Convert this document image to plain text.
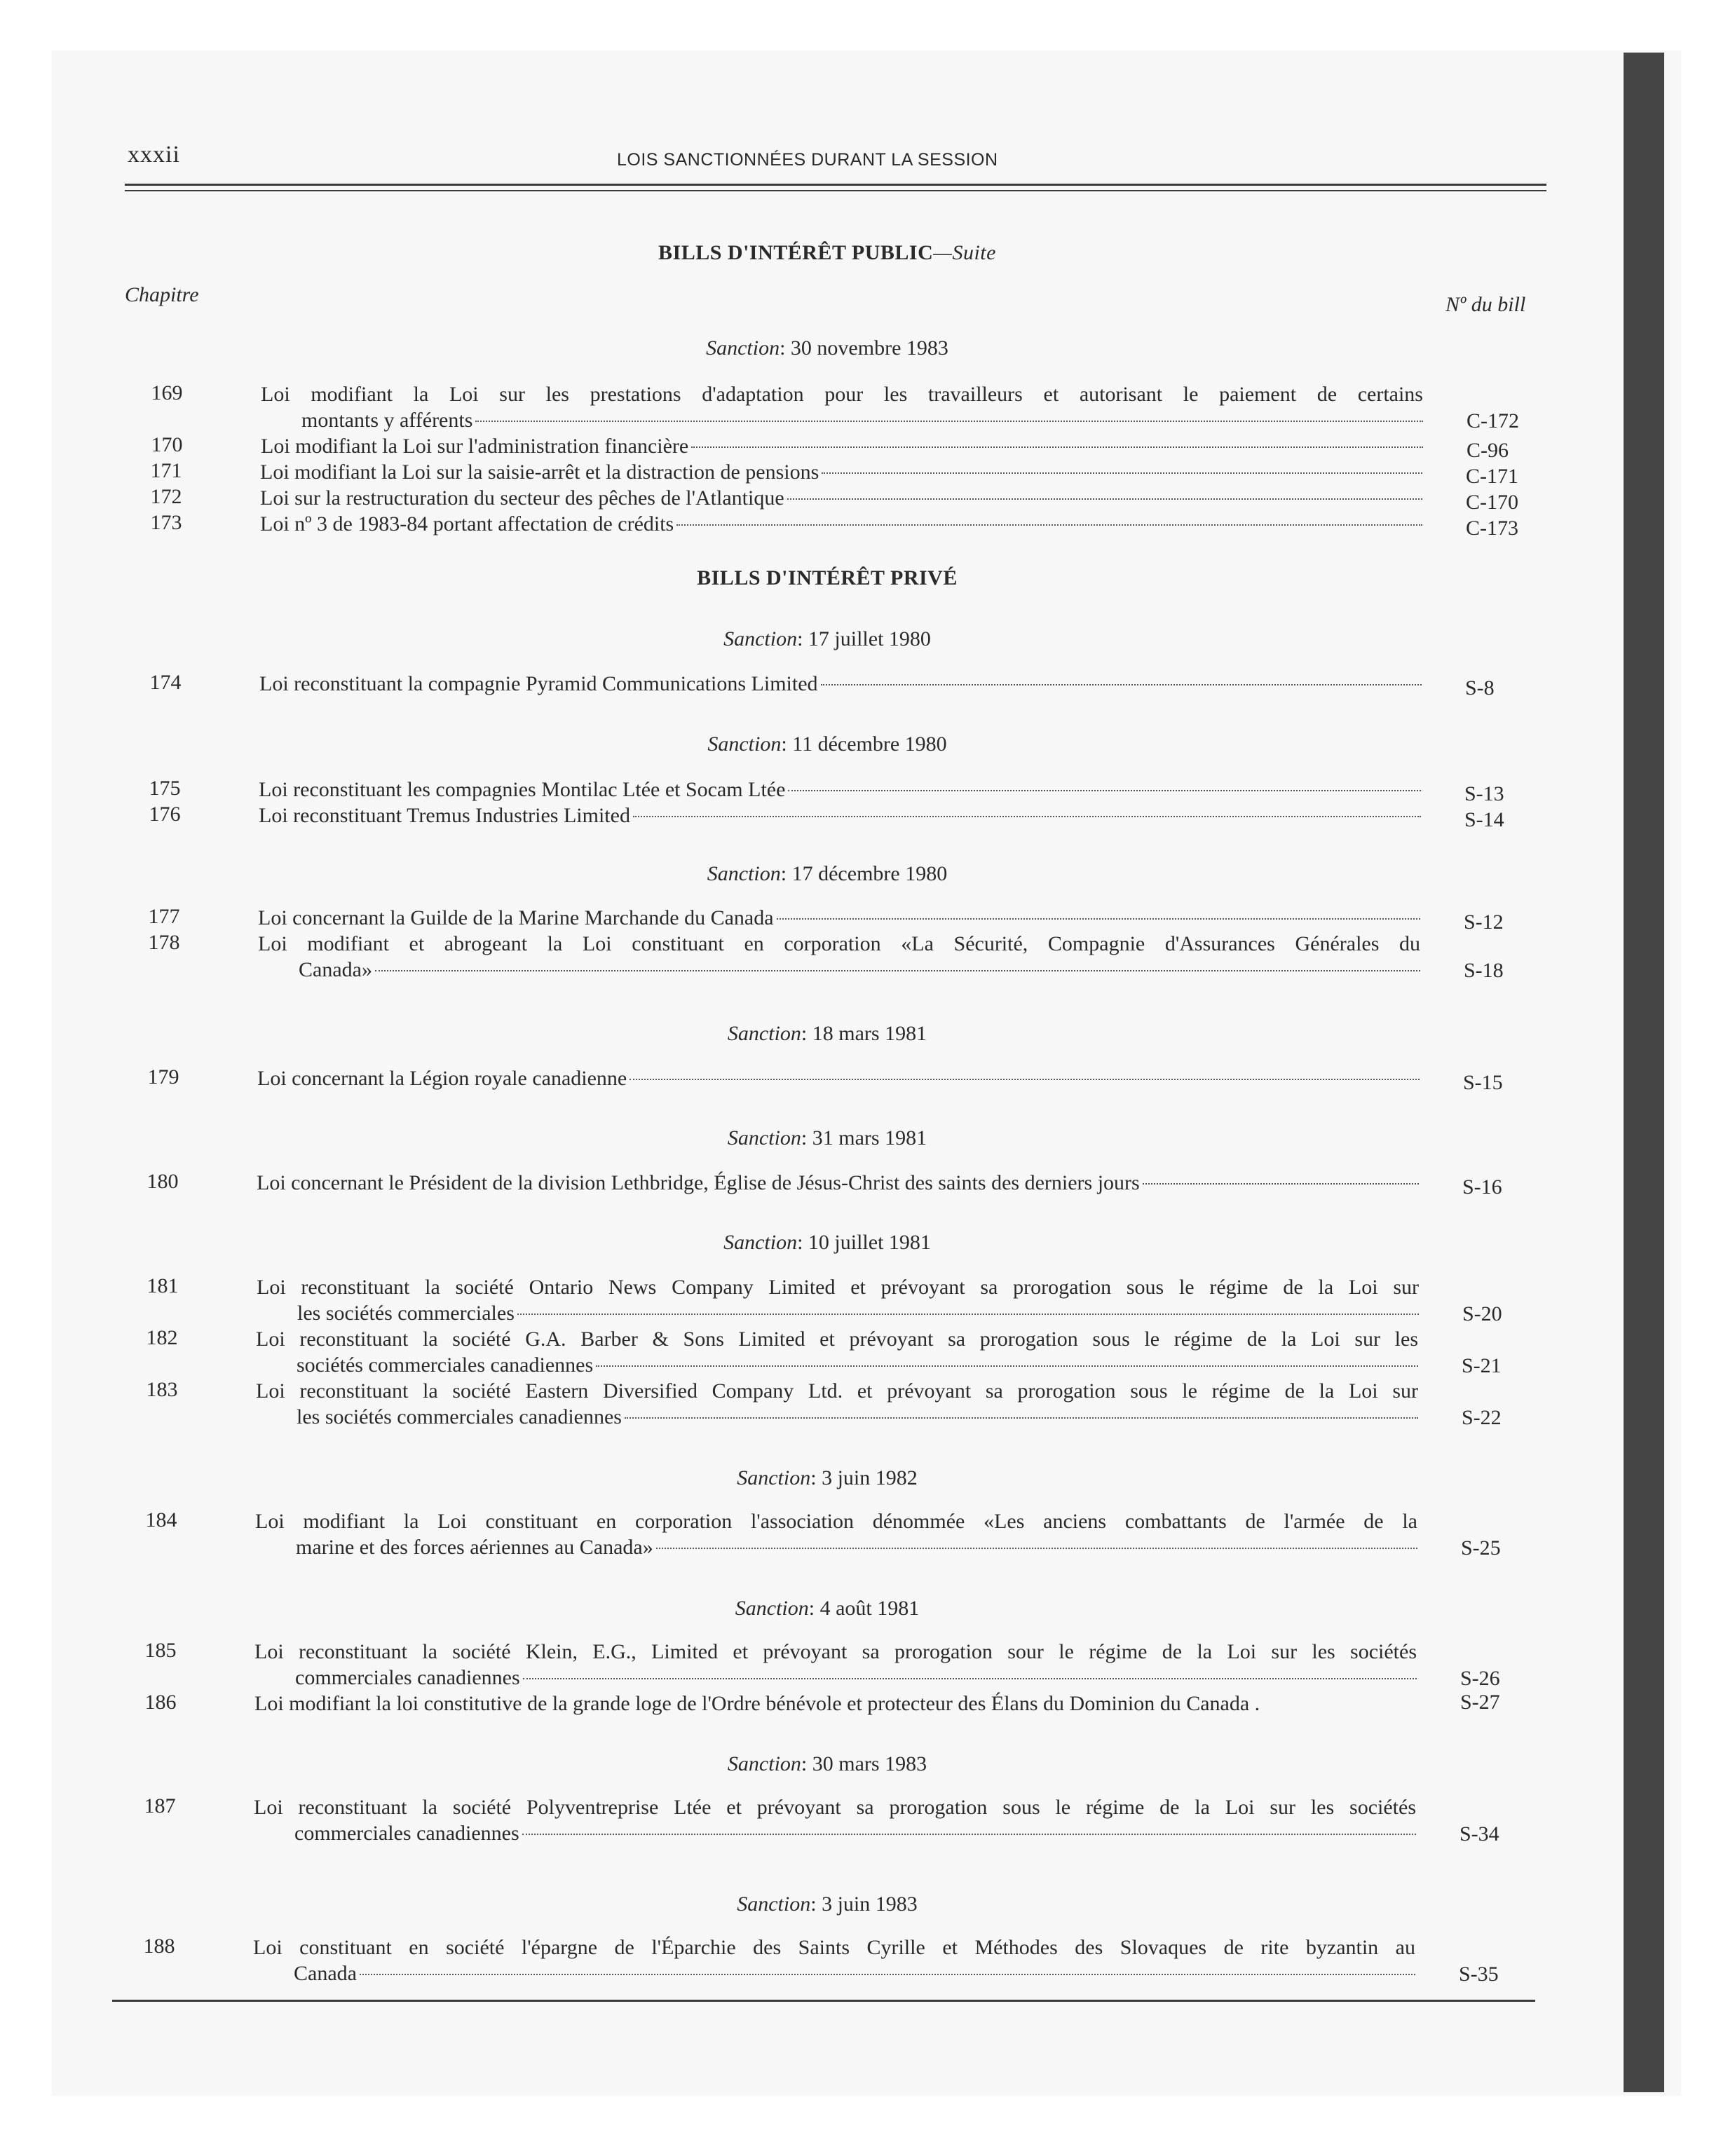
xxxii	LOIS SANCTIONNÉES DURANT LA SESSION
BILLS D'INTÉRÊT PUBLIC—Suite
Chapitre	Nº du bill
Sanction: 30 novembre 1983
169	Loi modifiant la Loi sur les prestations d'adaptation pour les travailleurs et autorisant le paiement de certains
montants y afférents	C-172
170	Loi modifiant la Loi sur l'administration financière	C-96
171	Loi modifiant la Loi sur la saisie-arrêt et la distraction de pensions	C-171
172	Loi sur la restructuration du secteur des pêches de l'Atlantique	C-170
173	Loi nº 3 de 1983-84 portant affectation de crédits	C-173
BILLS D'INTÉRÊT PRIVÉ
Sanction: 17 juillet 1980
174	Loi reconstituant la compagnie Pyramid Communications Limited	S-8
Sanction: 11 décembre 1980
175	Loi reconstituant les compagnies Montilac Ltée et Socam Ltée	S-13
176	Loi reconstituant Tremus Industries Limited	S-14
Sanction: 17 décembre 1980
177	Loi concernant la Guilde de la Marine Marchande du Canada	S-12
178	Loi modifiant et abrogeant la Loi constituant en corporation «La Sécurité, Compagnie d'Assurances Générales du
Canada»	S-18
Sanction: 18 mars 1981
179	Loi concernant la Légion royale canadienne	S-15
Sanction: 31 mars 1981
180	Loi concernant le Président de la division Lethbridge, Église de Jésus-Christ des saints des derniers jours	S-16
Sanction: 10 juillet 1981
181	Loi reconstituant la société Ontario News Company Limited et prévoyant sa prorogation sous le régime de la Loi sur
les sociétés commerciales	S-20
182	Loi reconstituant la société G.A. Barber & Sons Limited et prévoyant sa prorogation sous le régime de la Loi sur les
sociétés commerciales canadiennes	S-21
183	Loi reconstituant la société Eastern Diversified Company Ltd. et prévoyant sa prorogation sous le régime de la Loi sur
les sociétés commerciales canadiennes	S-22
Sanction: 3 juin 1982
184	Loi modifiant la Loi constituant en corporation l'association dénommée «Les anciens combattants de l'armée de la
marine et des forces aériennes au Canada»	S-25
Sanction: 4 août 1981
185	Loi reconstituant la société Klein, E.G., Limited et prévoyant sa prorogation sour le régime de la Loi sur les sociétés
commerciales canadiennes	S-26
186	Loi modifiant la loi constitutive de la grande loge de l'Ordre bénévole et protecteur des Élans du Dominion du Canada .	S-27
Sanction: 30 mars 1983
187	Loi reconstituant la société Polyventreprise Ltée et prévoyant sa prorogation sous le régime de la Loi sur les sociétés
commerciales canadiennes	S-34
Sanction: 3 juin 1983
188	Loi constituant en société l'épargne de l'Éparchie des Saints Cyrille et Méthodes des Slovaques de rite byzantin au
Canada	S-35
